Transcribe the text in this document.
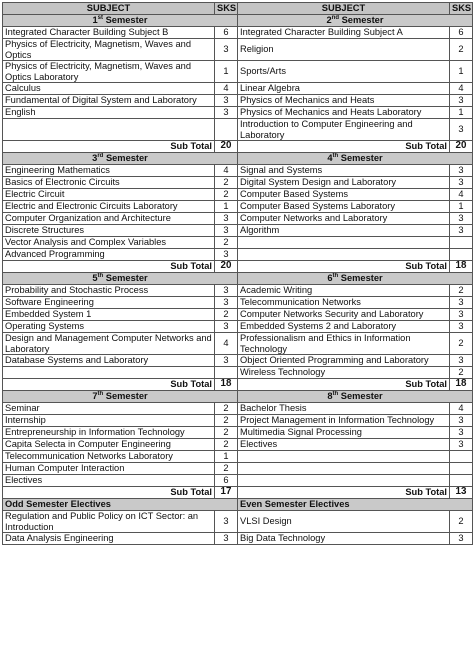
SUBJECT	SKS	SUBJECT	SKS
1st Semester		2nd Semester	
Integrated Character Building Subject B	6	Integrated Character Building Subject A	6
Physics of Electricity, Magnetism, Waves and Optics	3	Religion	2
Physics of Electricity, Magnetism, Waves and Optics Laboratory	1	Sports/Arts	1
Calculus	4	Linear Algebra	4
Fundamental of Digital System and Laboratory	3	Physics of Mechanics and Heats	3
English	3	Physics of Mechanics and Heats Laboratory	1
		Introduction to Computer Engineering and Laboratory	3
Sub Total	20	Sub Total	20
3rd Semester		4th Semester	
Engineering Mathematics	4	Signal and Systems	3
Basics of Electronic Circuits	2	Digital System Design and Laboratory	3
Electric Circuit	2	Computer Based Systems	4
Electric and Electronic Circuits Laboratory	1	Computer Based Systems Laboratory	1
Computer Organization and Architecture	3	Computer Networks and Laboratory	3
Discrete Structures	3	Algorithm	3
Vector Analysis and Complex Variables	2		
Advanced Programming	3		
Sub Total	20	Sub Total	18
5th Semester		6th Semester	
Probability and Stochastic Process	3	Academic Writing	2
Software Engineering	3	Telecommunication Networks	3
Embedded System 1	2	Computer Networks Security and Laboratory	3
Operating Systems	3	Embedded Systems 2 and Laboratory	3
Design and Management Computer Networks and Laboratory	4	Professionalism and Ethics in Information Technology	2
Database Systems and Laboratory	3	Object Oriented Programming and Laboratory	3
		Wireless Technology	2
Sub Total	18	Sub Total	18
7th Semester		8th Semester	
Seminar	2	Bachelor Thesis	4
Internship	2	Project Management in Information Technology	3
Entrepreneurship in Information Technology	2	Multimedia Signal Processing	3
Capita Selecta in Computer Engineering	2	Electives	3
Telecommunication Networks Laboratory	1		
Human Computer Interaction	2		
Electives	6		
Sub Total	17	Sub Total	13
Odd Semester Electives		Even Semester Electives	
Regulation and Public Policy on ICT Sector: an Introduction	3	VLSI Design	2
Data Analysis Engineering	3	Big Data Technology	3
